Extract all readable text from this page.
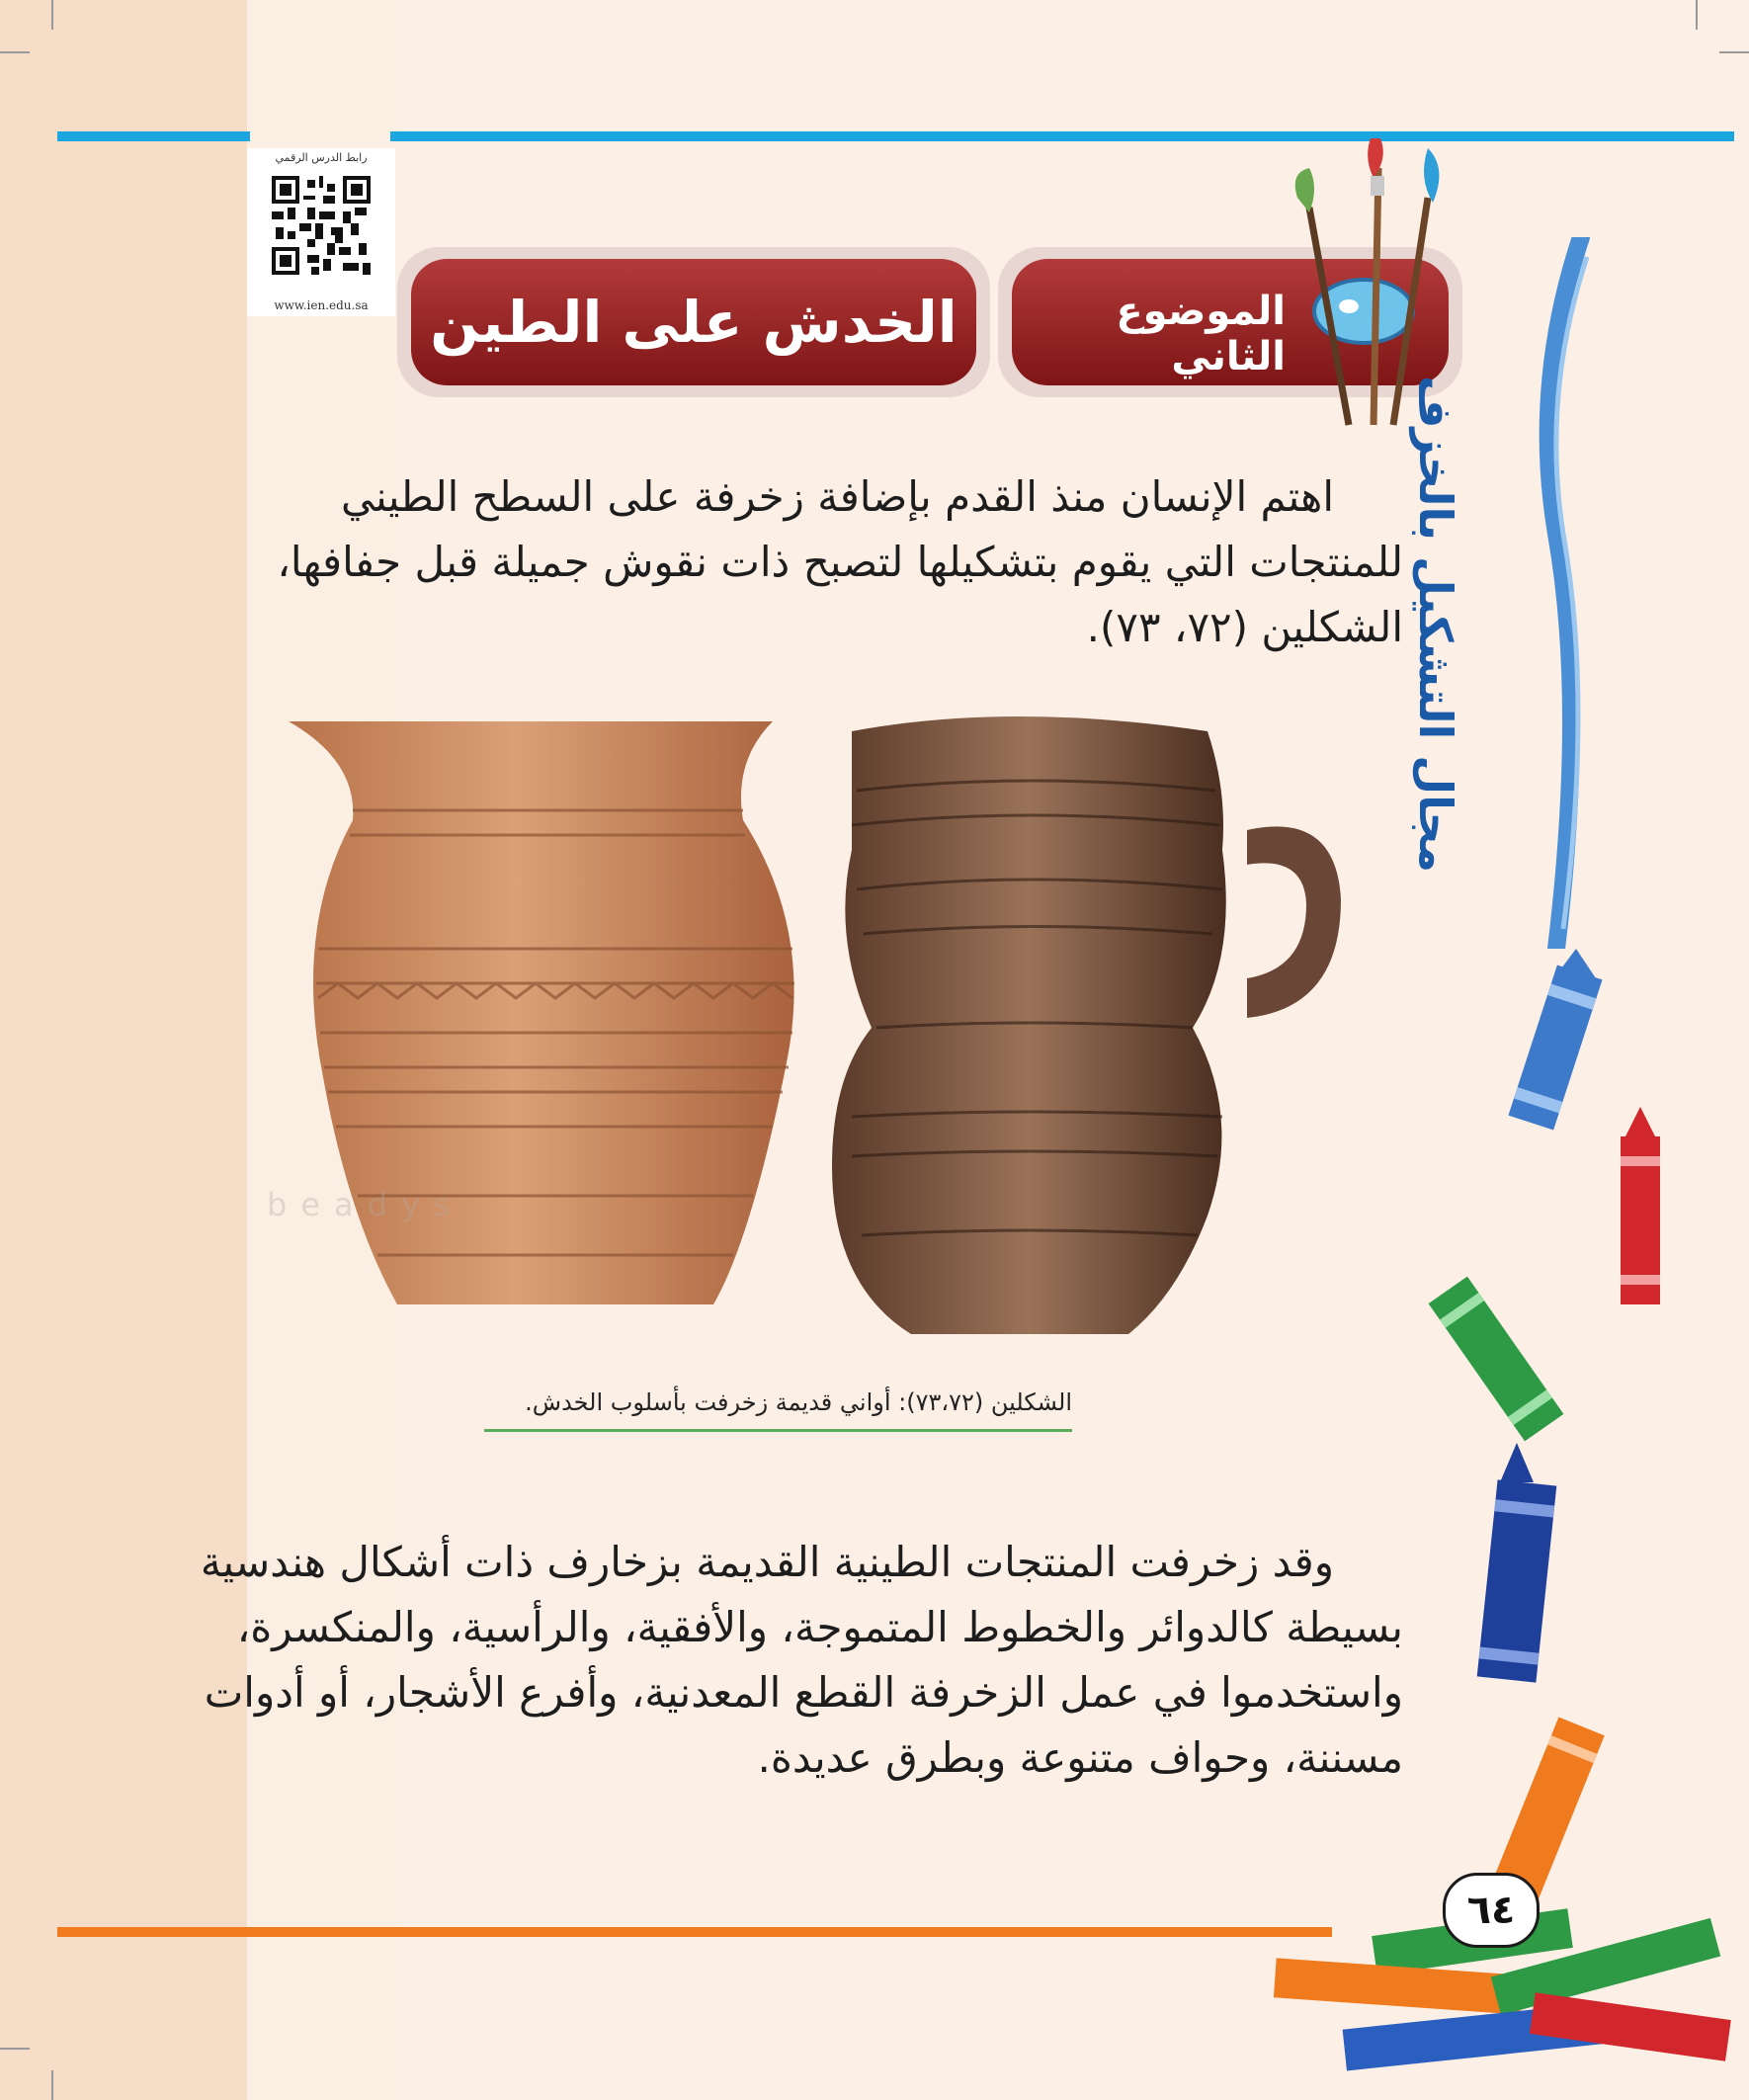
رابط الدرس الرقمي
www.ien.edu.sa	الخدش على الطين	الموضوع الثاني
مجال التشكيل بالخزف
اهتم الإنسان منذ القدم بإضافة زخرفة على السطح الطيني
للمنتجات التي يقوم بتشكيلها لتصبح ذات نقوش جميلة قبل جفافها،
الشكلين (٧٢، ٧٣).
beadys
الشكلين (٧٣،٧٢): أواني قديمة زخرفت بأسلوب الخدش.
وقد زخرفت المنتجات الطينية القديمة بزخارف ذات أشكال هندسية
بسيطة كالدوائر والخطوط المتموجة، والأفقية، والرأسية، والمنكسرة،
واستخدموا في عمل الزخرفة القطع المعدنية، وأفرع الأشجار، أو أدوات
مسننة، وحواف متنوعة وبطرق عديدة.
٦٤
